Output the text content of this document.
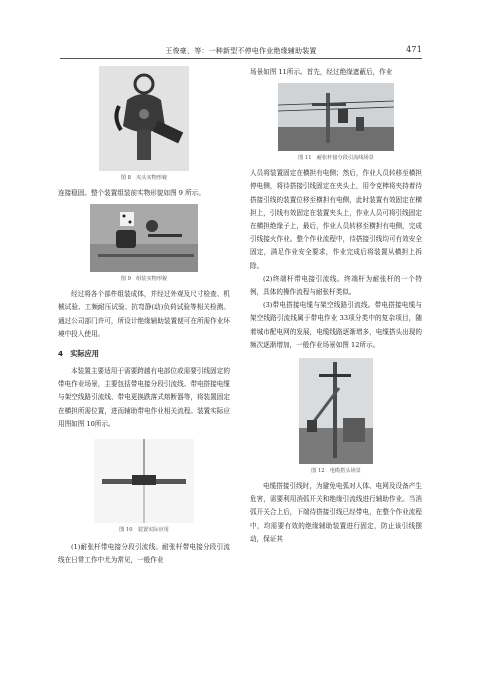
王俊豪，等：一种新型不停电作业绝缘辅助装置	471
图 8　夹头实物形貌

连接稳固。整个装置组装前实物形貌如图 9 所示。

图 9　组装实物形貌

经过将各个部件组装成体，并经过外观及尺寸检查、机械试验、工频耐压试验、抗弯静(动)负荷试验等相关检测。通过公司部门许可，所设计绝缘辅助装置便可在所需作业环境中投入使用。

4　实际应用

本装置主要适用于需要跨越有电部位或需要引线固定的带电作业场景，主要包括带电接分段引流线、带电搭接电缆与架空线路引流线、带电更换跌落式熔断器等，将装置固定在横担所需位置，进而辅助带电作业相关流程。装置实际应用图如图 10所示。

图 10　装置实际应用

(1)耐张杆带电接分段引流线。耐张杆带电接分段引流线在日常工作中尤为常见，一般作业

场景如图 11所示。首先，经过绝缘遮蔽后，作业

图 11　耐张杆接分段引流线场景

人员将装置固定在横担有电侧；然后，作业人员转移至横担停电侧，将待搭接引线固定在夹头上，用令克棒将夹持着待搭接引线的装置位移至横担有电侧，此时装置有效固定在横担上，引线有效固定在装置夹头上，作业人员可将引线固定在横担绝缘子上，最后，作业人员转移至横担有电侧，完成引线接火作业。整个作业流程中，待搭接引线均可有效安全固定，满足作业安全要求，作业完成后将装置从横担上拆除。

(2)终端杆带电接引流线。终端杆为耐张杆的一个特例，具体的操作流程与耐张杆类似。

(3)带电搭接电缆与架空线路引流线。带电搭接电缆与架空线路引流线属于带电作业 33项分类中的复杂项目，随着城市配电网的发展，电缆线路逐渐增多，电缆搭头出现的频次逐渐增加，一般作业场景如图 12所示。

图 12　电缆搭头场景

电缆搭接引线时，为避免电弧对人体、电网及设备产生危害，需要利用消弧开关和绝缘引流线进行辅助作业。当消弧开关合上后，下端待搭接引线已经带电，在整个作业流程中，均需要有效的绝缘辅助装置进行固定，防止该引线摆动，保证其
